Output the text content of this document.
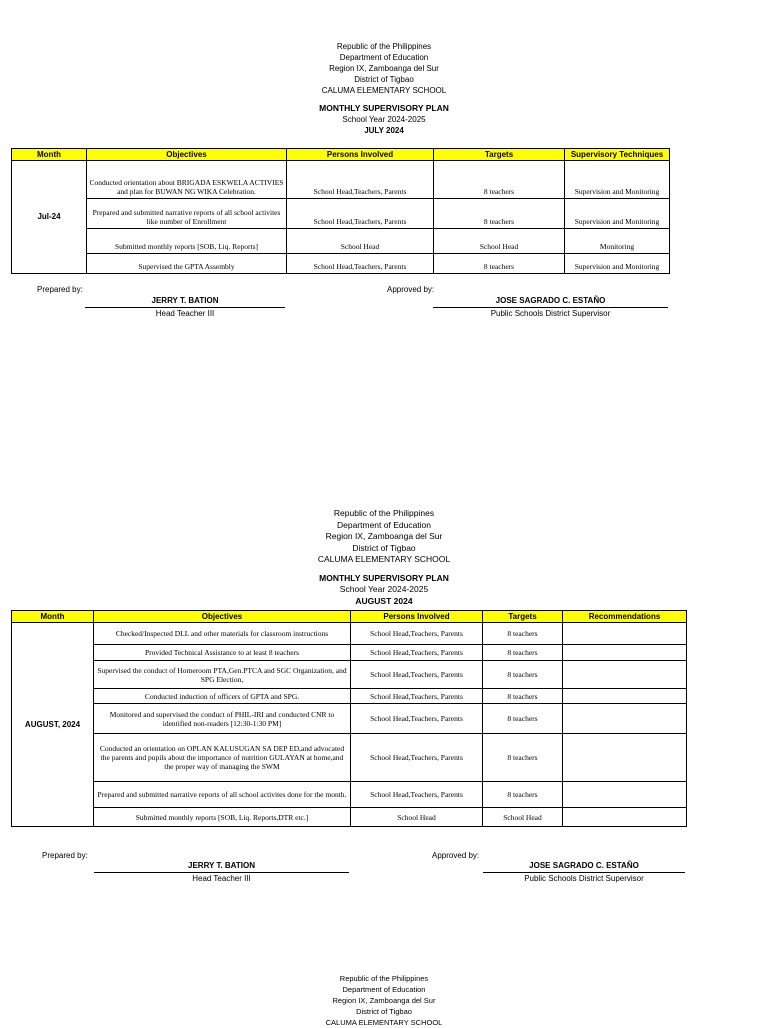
Republic of the Philippines
Department of Education
Region IX, Zamboanga del Sur
District of Tigbao
CALUMA ELEMENTARY SCHOOL
MONTHLY SUPERVISORY PLAN
School Year 2024-2025
JULY 2024
Month	Objectives	Persons Involved	Targets	Supervisory Techniques
Jul-24	Conducted orientation about BRIGADA ESKWELA ACTIVIES and plan for BUWAN NG WIKA Celebration.	School Head,Teachers, Parents	8 teachers	Supervision and Monitoring
	Prepared and submitted narrative reports of all school activites like number of Enrollment	School Head,Teachers, Parents	8 teachers	Supervision and Monitoring
	Submitted monthly reports [SOB, Liq. Reports]	School Head	School Head	Monitoring
	Supervised the GPTA Assembly	School Head,Teachers, Parents	8 teachers	Supervision and Monitoring
Prepared by:	Approved by:
JERRY T. BATION
Head Teacher III
JOSE SAGRADO C. ESTAÑO
Public Schools District Supervisor
Republic of the Philippines
Department of Education
Region IX, Zamboanga del Sur
District of Tigbao
CALUMA ELEMENTARY SCHOOL
MONTHLY SUPERVISORY PLAN
School Year 2024-2025
AUGUST 2024
Month	Objectives	Persons Involved	Targets	Recommendations
AUGUST, 2024	Checked/Inspected DLL and other materials for classroom instructions	School Head,Teachers, Parents	8 teachers	
	Provided Technical Assistance to at least 8 teachers	School Head,Teachers, Parents	8 teachers	
	Supervised the conduct of Homeroom PTA,Gen.PTCA and SGC Organization, and SPG Election,	School Head,Teachers, Parents	8 teachers	
	Conducted induction of officers of GPTA and SPG.	School Head,Teachers, Parents	8 teachers	
	Monitored and supervised the conduct of PHIL-IRI and conducted CNR to identified non-readers [12:30-1:30 PM]	School Head,Teachers, Parents	8 teachers	
	Conducted an orientation on OPLAN KALUSUGAN SA DEP ED,and advocated the parents and pupils about the importance of nutrition GULAYAN at home,and the proper way of managing the SWM	School Head,Teachers, Parents	8 teachers	
	Prepared and submitted narrative reports of all school activites done for the month.	School Head,Teachers, Parents	8 teachers	
	Submitted monthly reports [SOB, Liq. Reports,DTR etc.]	School Head	School Head	
Prepared by:	Approved by:
JERRY T. BATION
Head Teacher III
JOSE SAGRADO C. ESTAÑO
Public Schools District Supervisor
Republic of the Philippines
Department of Education
Region IX, Zamboanga del Sur
District of Tigbao
CALUMA ELEMENTARY SCHOOL
